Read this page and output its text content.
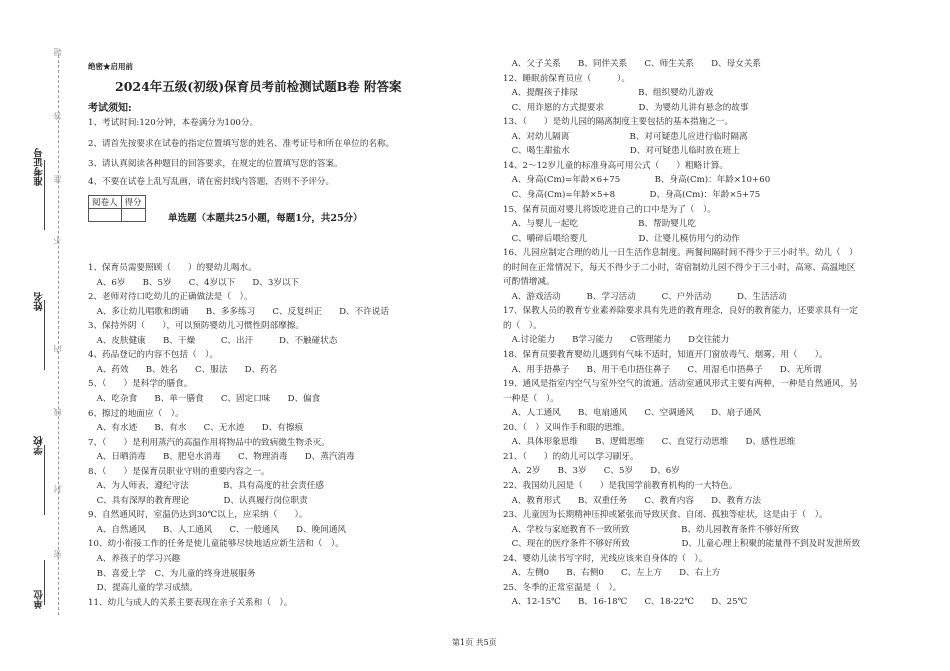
题
答
准
不
内
线
封
密
准考证号
姓名
学校
单位
绝密★启用前
2024年五级(初级)保育员考前检测试题B卷 附答案
考试须知:
1、考试时间:120分钟，本卷满分为100分。
2、请首先按要求在试卷的指定位置填写您的姓名、准考证号和所在单位的名称。
3、请认真阅读各种题目的回答要求，在规定的位置填写您的答案。
4、不要在试卷上乱写乱画，请在密封线内答题，否则不予评分。
阅卷人	得分

单选题（本题共25小题，每题1分，共25分）
1、保育员需要照顾（　　）的婴幼儿喝水。
　A、6岁　　B、5岁　　C、4岁以下　　D、3岁以下
2、老师对待口吃幼儿的正确做法是（　）。
　A、多让幼儿唱歌和朗诵　　B、多多练习　　C、反复纠正　　D、不许说话
3、保持外阴（　　），可以预防婴幼儿习惯性阴部摩擦。
　A、皮肤健康　　B、干燥　　　C、出汗　　　D、不触碰状态
4、药品登记的内容不包括（　）。
　A、药效　　B、姓名　　C、服法　　D、药名
5、（　　）是科学的膳食。
　A、吃杂食　　B、单一膳食　　C、固定口味　　D、偏食
6、擦过的地面应（　）。
　A、有水迹　　B、有水　　C、无水迹　　D、有擦痕
7、（　　）是利用蒸汽的高温作用将物品中的致病微生物杀灭。
　A、日晒消毒　　B、肥皂水消毒　　C、物理消毒　　D、蒸汽消毒
8、（　　）是保育员职业守则的重要内容之一。
　A、为人师表，遵纪守法　　　　B、具有高度的社会责任感
　C、具有深厚的教育理论　　　　D、认真履行岗位职责
9、自然通风时，室温仍达到30℃以上，应采纳（　　）。
　A、自然通风　　B、人工通风　　C、一般通风　　D、晚间通风
10、幼小衔接工作的任务是使儿童能够尽快地适应新生活和（　）。
　A、养孩子的学习兴趣
　B、喜爱上学　C、为儿童的终身进展服务
　D、提高儿童的学习成绩。
11、幼儿与成人的关系主要表现在亲子关系和（　）。
　A、父子关系　　B、同伴关系　　C、师生关系　　D、母女关系
12、睡眠前保育员应（　　　）。
　A、提醒孩子排尿　　　　　　　B、组织婴幼儿游戏
　C、用诈愿的方式提要求　　　　D、为婴幼儿讲有悬念的故事
13、（　　）是幼儿园的隔离制度主要包括的基本措施之一。
　A、对幼儿隔离　　　　　　　B、对可疑患儿应进行临时隔离
　C、喝生甜盐水　　　　　　　D、对可疑患儿临时放在班上
14、2～12岁儿童的标准身高可用公式（　　）粗略计算。
　A、身高(Cm)=年龄×6+75　　　　B、身高(Cm)：年龄×10+60
　C、身高(Cm)=年龄×5+8　　　　D、身高(Cm)：年龄×5+75
15、保育员面对婴儿将饭吃进自己的口中是为了（　）。
　A、与婴儿一起吃　　　　　　　B、帮助婴儿吃
　C、嚼碎后喂给婴儿　　　　　　D、让婴儿模仿用勺的动作
16、儿园应制定合理的幼儿一日生活作息制度。两餐间隔时间不得少于三小时半。幼儿（　）
的时间在正常情况下，每天不得少于二小时，寄宿制幼儿园不得少于三小时，高寒、高温地区
可酌情增减。
　A、游戏活动　　　B、学习活动　　　C、户外活动　　　D、生活活动
17、保教人员的教育专业素养除要求具有先进的教育理念，良好的教育能力，还要求具有一定
的（　）。
　A.讨论能力　　B学习能力　　C管理能力　　D交往能力
18、保育员要教育婴幼儿遇到有气味不适时，知道开门窗放毒气、烟雾，用（　　）。
　A、用手捂鼻子　　B、用干毛巾捂住鼻子　　C、用湿毛巾捂鼻子　　D、无所谓
19、通风是指室内空气与室外空气的流通。活动室通风形式主要有两种，一种是自然通风，另
一种是（　）。
　A、人工通风　　B、电扇通风　　C、空调通风　　D、扇子通风
20、（　）又叫作手和眼的思维。
　A、具体形象思维　　B、逻辑思维　　C、直觉行动思维　　D、感性思维
21、（　　）的幼儿可以学习刷牙。
　A、2岁　　B、3岁　　C、5岁　　D、6岁
22、我国幼儿园是（　　）是我国学前教育机构的一大特色。
　A、教育形式　　B、双重任务　　C、教育内容　　D、教育方法
23、儿童因为长期精神压抑或紧张而导致厌食、自闭、孤独等症状，这是由于（　）。
　A、学校与家庭教育不一致所致　　　　　　B、幼儿园教育条件不够好所致
　C、现在的医疗条件不够好所致　　　　　　D、儿童心理上积聚的能量得不到及时发泄所致
24、婴幼儿读书写字时，光线应该来自身体的（　）。
　A、左侧0　　B、右侧0　　C、左上方　　D、右上方
25、冬季的正常室温是（　）。
　A、12-15℃　　B、16-18℃　　C、18-22℃　　D、25℃
第1页 共5页
